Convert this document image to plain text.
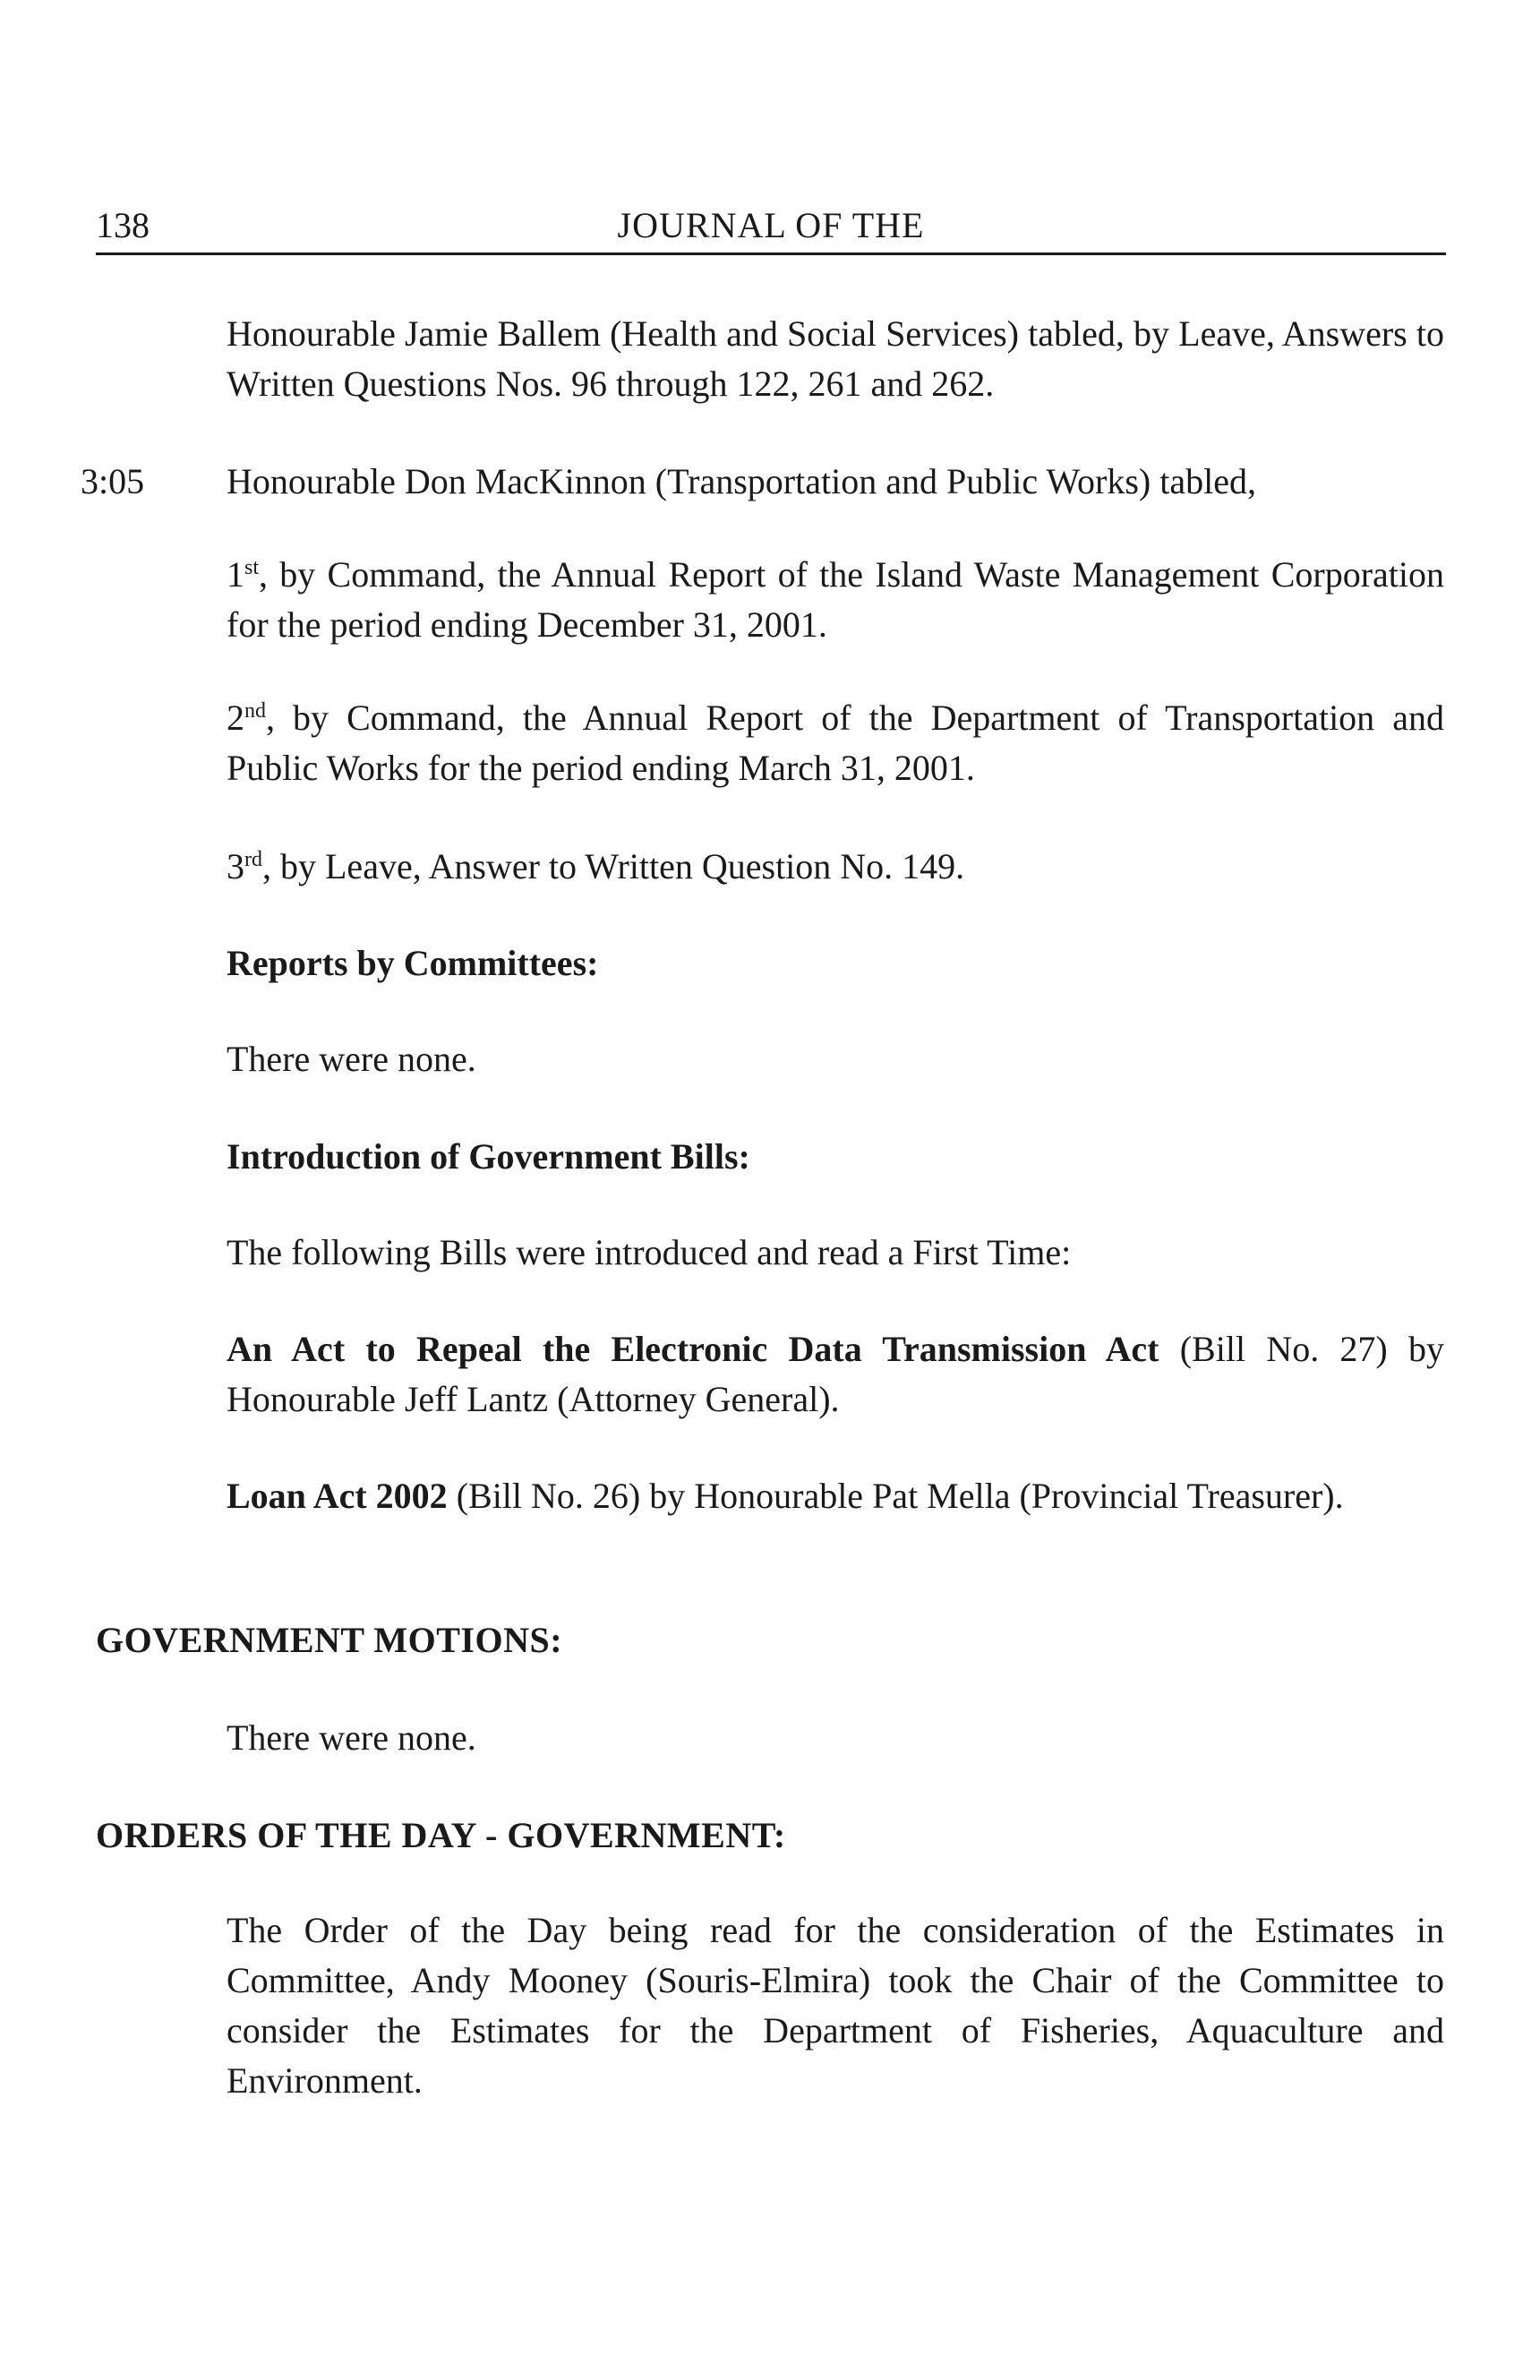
138	JOURNAL OF THE
Honourable Jamie Ballem (Health and Social Services) tabled, by Leave, Answers to Written Questions Nos. 96 through 122, 261 and 262.
3:05 Honourable Don MacKinnon (Transportation and Public Works) tabled,
1st, by Command, the Annual Report of the Island Waste Management Corporation for the period ending December 31, 2001.
2nd, by Command, the Annual Report of the Department of Transportation and Public Works for the period ending March 31, 2001.
3rd, by Leave, Answer to Written Question No. 149.
Reports by Committees:
There were none.
Introduction of Government Bills:
The following Bills were introduced and read a First Time:
An Act to Repeal the Electronic Data Transmission Act (Bill No. 27) by Honourable Jeff Lantz (Attorney General).
Loan Act 2002 (Bill No. 26) by Honourable Pat Mella (Provincial Treasurer).
GOVERNMENT MOTIONS:
There were none.
ORDERS OF THE DAY - GOVERNMENT:
The Order of the Day being read for the consideration of the Estimates in Committee, Andy Mooney (Souris-Elmira) took the Chair of the Committee to consider the Estimates for the Department of Fisheries, Aquaculture and Environment.
